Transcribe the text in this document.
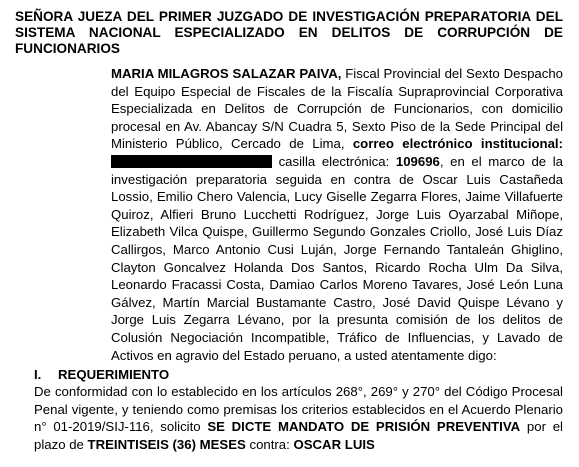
SEÑORA JUEZA DEL PRIMER JUZGADO DE INVESTIGACIÓN PREPARATORIA DEL
SISTEMA NACIONAL ESPECIALIZADO EN DELITOS DE CORRUPCIÓN DE
FUNCIONARIOS
MARIA MILAGROS SALAZAR PAIVA, Fiscal Provincial del Sexto Despacho del Equipo Especial de Fiscales de la Fiscalía Supraprovincial Corporativa Especializada en Delitos de Corrupción de Funcionarios, con domicilio procesal en Av. Abancay S/N Cuadra 5, Sexto Piso de la Sede Principal del Ministerio Público, Cercado de Lima, correo electrónico institucional:  casilla electrónica: 109696, en el marco de la investigación preparatoria seguida en contra de Oscar Luis Castañeda Lossio, Emilio Chero Valencia, Lucy Giselle Zegarra Flores, Jaime Villafuerte Quiroz, Alfieri Bruno Lucchetti Rodríguez, Jorge Luis Oyarzabal Miñope, Elizabeth Vilca Quispe, Guillermo Segundo Gonzales Criollo, José Luis Díaz Callirgos, Marco Antonio Cusi Luján, Jorge Fernando Tantaleán Ghiglino, Clayton Goncalvez Holanda Dos Santos, Ricardo Rocha Ulm Da Silva, Leonardo Fracassi Costa, Damiao Carlos Moreno Tavares, José León Luna Gálvez, Martín Marcial Bustamante Castro, José David Quispe Lévano y Jorge Luis Zegarra Lévano, por la presunta comisión de los delitos de Colusión Negociación Incompatible, Tráfico de Influencias, y Lavado de Activos en agravio del Estado peruano, a usted atentamente digo:
I. REQUERIMIENTO
De conformidad con lo establecido en los artículos 268°, 269° y 270° del Código Procesal Penal vigente, y teniendo como premisas los criterios establecidos en el Acuerdo Plenario n° 01-2019/SIJ-116, solicito SE DICTE MANDATO DE PRISIÓN PREVENTIVA por el plazo de TREINTISEIS (36) MESES contra: OSCAR LUIS
